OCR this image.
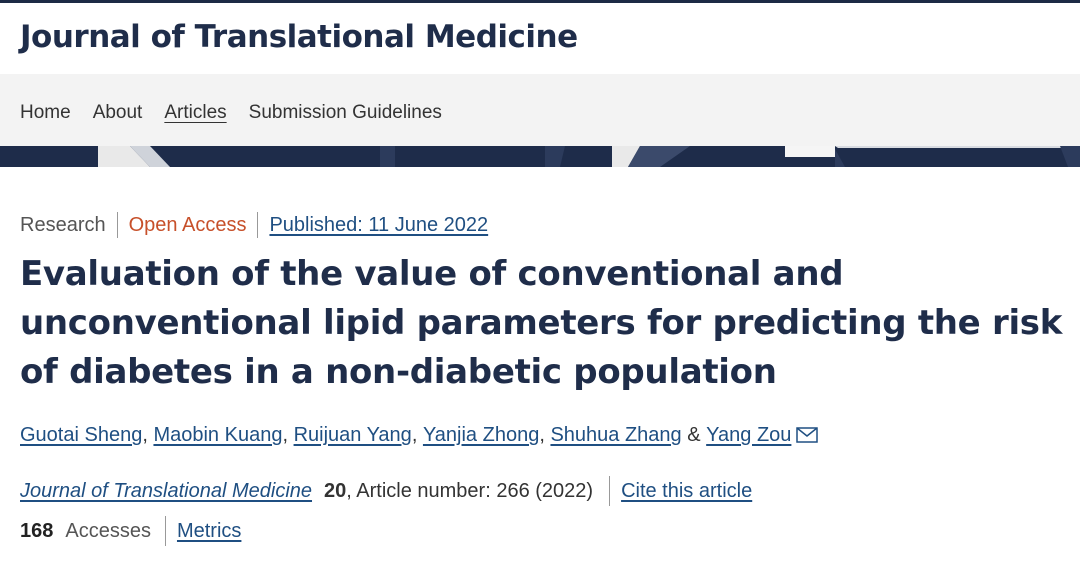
Journal of Translational Medicine
Home About Articles Submission Guidelines
Research Open Access Published: 11 June 2022
Evaluation of the value of conventional and unconventional lipid parameters for predicting the risk of diabetes in a non-diabetic population
Guotai Sheng ,
Maobin Kuang ,
Ruijuan Yang ,
Yanjia Zhong ,
Shuhua Zhang
&
Yang Zou
Journal of Translational Medicine 20 , Article number: 266 (2022) Cite this article
168 Accesses Metrics
